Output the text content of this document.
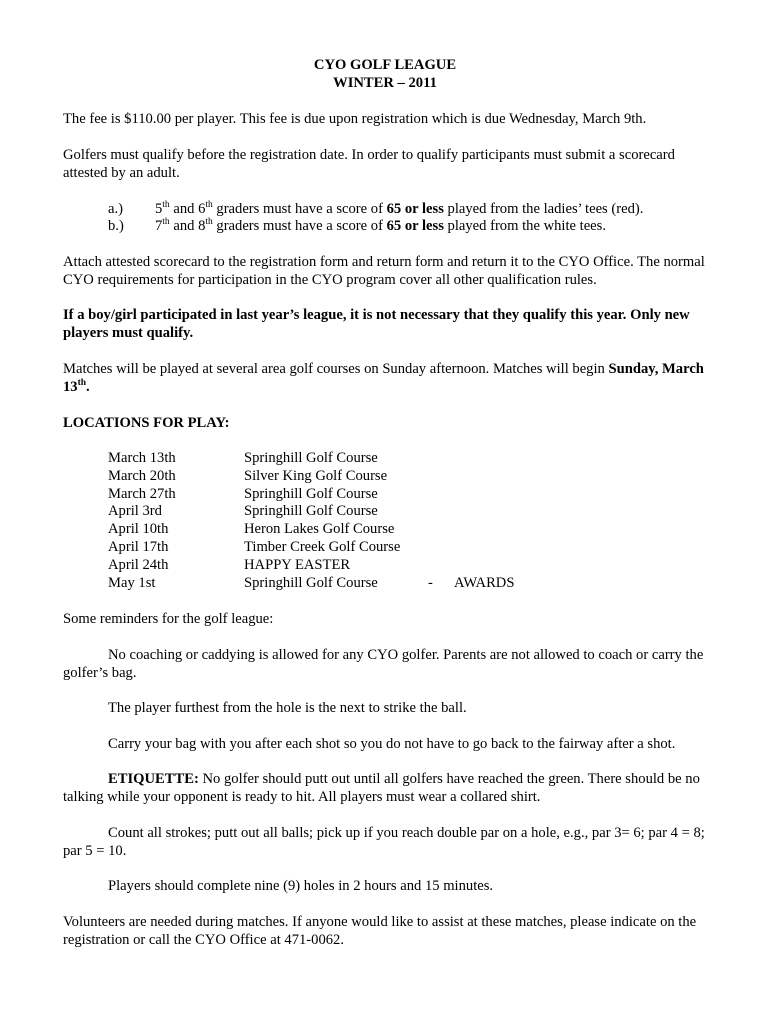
CYO GOLF LEAGUE
WINTER – 2011
The fee is $110.00 per player. This fee is due upon registration which is due Wednesday, March 9th.
Golfers must qualify before the registration date. In order to qualify participants must submit a scorecard attested by an adult.
a.) 5th and 6th graders must have a score of 65 or less played from the ladies’ tees (red).
b.) 7th and 8th graders must have a score of 65 or less played from the white tees.
Attach attested scorecard to the registration form and return form and return it to the CYO Office. The normal CYO requirements for participation in the CYO program cover all other qualification rules.
If a boy/girl participated in last year’s league, it is not necessary that they qualify this year. Only new players must qualify.
Matches will be played at several area golf courses on Sunday afternoon. Matches will begin Sunday, March 13th.
LOCATIONS FOR PLAY:
March 13th	Springhill Golf Course
March 20th	Silver King Golf Course
March 27th	Springhill Golf Course
April 3rd	Springhill Golf Course
April 10th	Heron Lakes Golf Course
April 17th	Timber Creek Golf Course
April 24th	HAPPY EASTER
May 1st	Springhill Golf Course	- AWARDS
Some reminders for the golf league:
No coaching or caddying is allowed for any CYO golfer. Parents are not allowed to coach or carry the golfer’s bag.
The player furthest from the hole is the next to strike the ball.
Carry your bag with you after each shot so you do not have to go back to the fairway after a shot.
ETIQUETTE: No golfer should putt out until all golfers have reached the green. There should be no talking while your opponent is ready to hit. All players must wear a collared shirt.
Count all strokes; putt out all balls; pick up if you reach double par on a hole, e.g., par 3= 6; par 4 = 8; par 5 = 10.
Players should complete nine (9) holes in 2 hours and 15 minutes.
Volunteers are needed during matches. If anyone would like to assist at these matches, please indicate on the registration or call the CYO Office at 471-0062.
